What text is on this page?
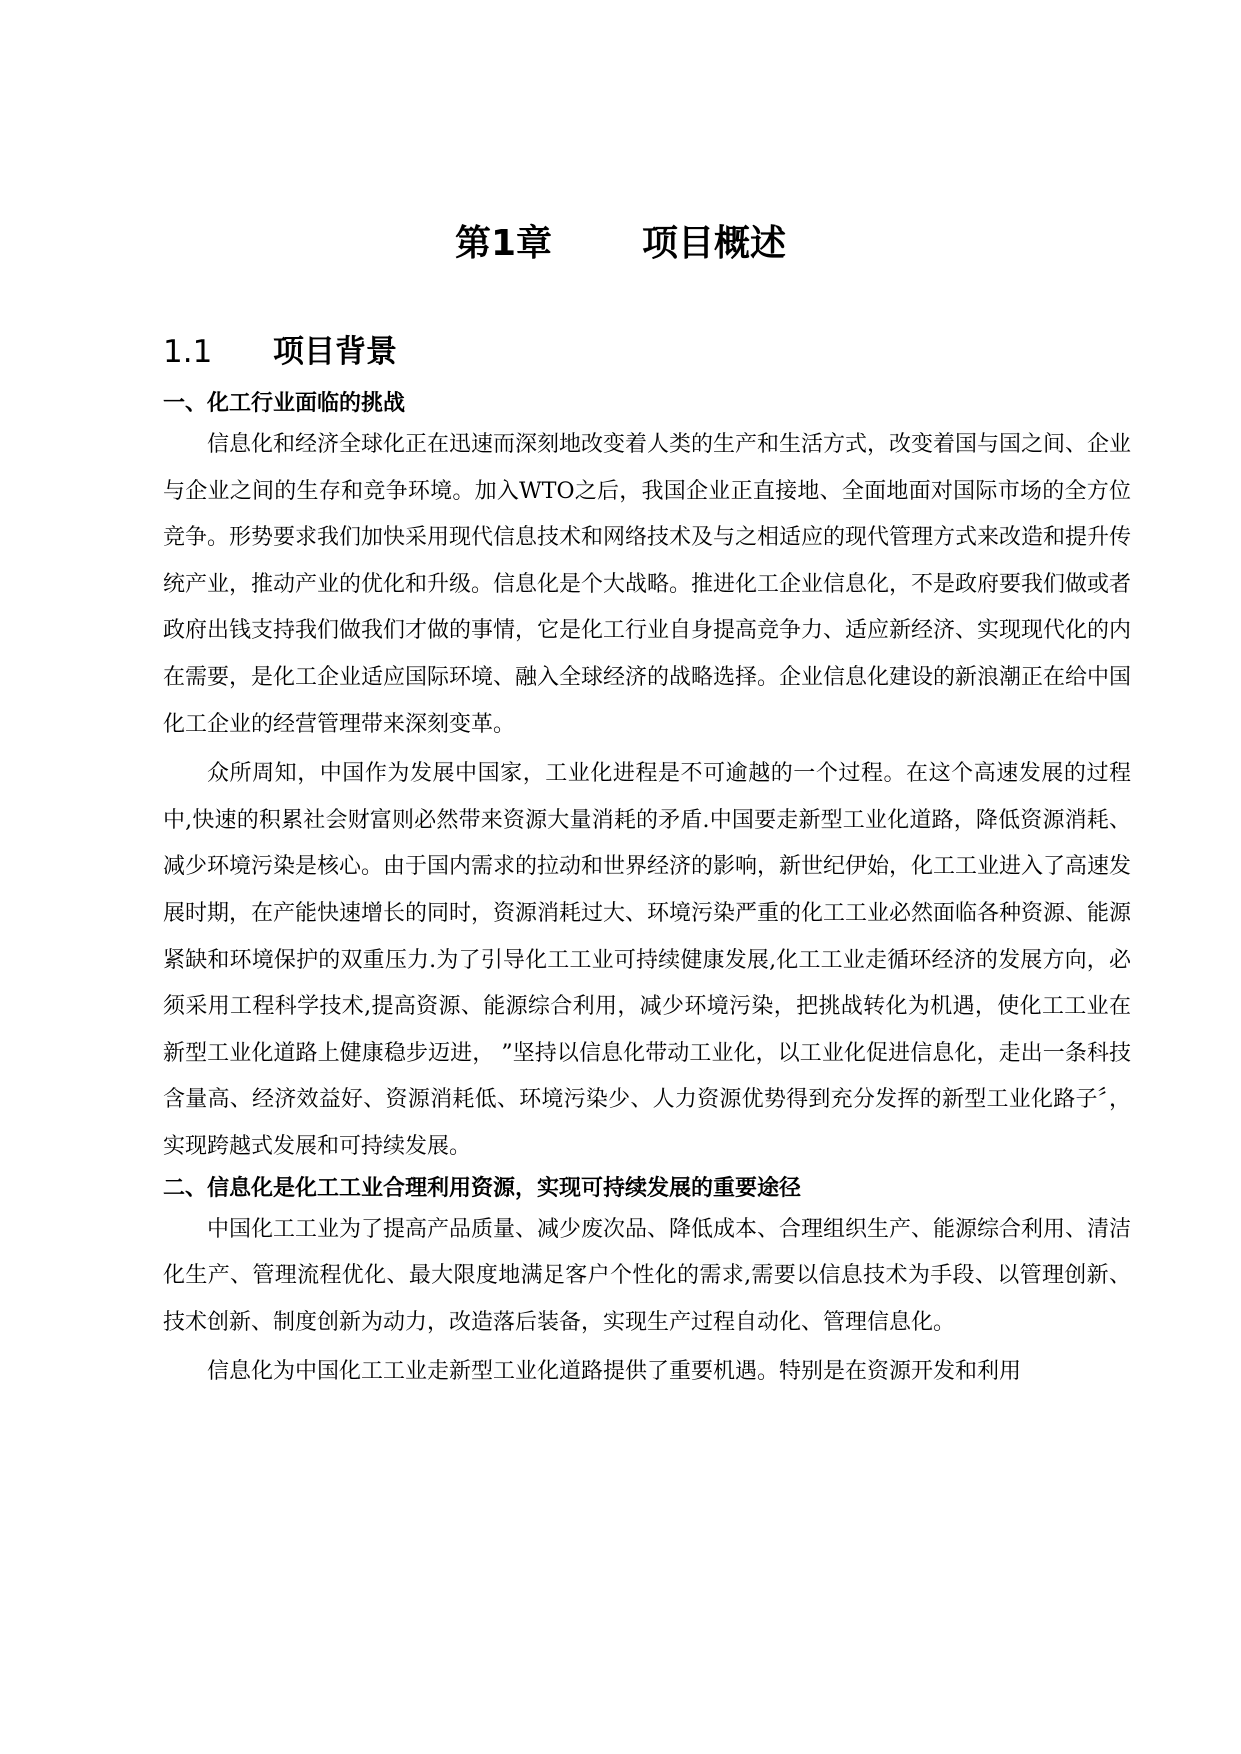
第1章	项目概述
1.1 项目背景

一、化工行业面临的挑战

信息化和经济全球化正在迅速而深刻地改变着人类的生产和生活方式，改变着国与国之间、企业与企业之间的生存和竞争环境。加入WTO之后，我国企业正直接地、全面地面对国际市场的全方位竞争。形势要求我们加快采用现代信息技术和网络技术及与之相适应的现代管理方式来改造和提升传统产业，推动产业的优化和升级。信息化是个大战略。推进化工企业信息化，不是政府要我们做或者政府出钱支持我们做我们才做的事情，它是化工行业自身提高竞争力、适应新经济、实现现代化的内在需要，是化工企业适应国际环境、融入全球经济的战略选择。企业信息化建设的新浪潮正在给中国化工企业的经营管理带来深刻变革。

众所周知，中国作为发展中国家，工业化进程是不可逾越的一个过程。在这个高速发展的过程中,快速的积累社会财富则必然带来资源大量消耗的矛盾.中国要走新型工业化道路，降低资源消耗、减少环境污染是核心。由于国内需求的拉动和世界经济的影响，新世纪伊始，化工工业进入了高速发展时期，在产能快速增长的同时，资源消耗过大、环境污染严重的化工工业必然面临各种资源、能源紧缺和环境保护的双重压力.为了引导化工工业可持续健康发展,化工工业走循环经济的发展方向，必须采用工程科学技术,提高资源、能源综合利用，减少环境污染，把挑战转化为机遇，使化工工业在新型工业化道路上健康稳步迈进， ”坚持以信息化带动工业化，以工业化促进信息化，走出一条科技含量高、经济效益好、资源消耗低、环境污染少、人力资源优势得到充分发挥的新型工业化路子〞，实现跨越式发展和可持续发展。

二、信息化是化工工业合理利用资源，实现可持续发展的重要途径

中国化工工业为了提高产品质量、减少废次品、降低成本、合理组织生产、能源综合利用、清洁化生产、管理流程优化、最大限度地满足客户个性化的需求,需要以信息技术为手段、以管理创新、技术创新、制度创新为动力，改造落后装备，实现生产过程自动化、管理信息化。

信息化为中国化工工业走新型工业化道路提供了重要机遇。特别是在资源开发和利用
